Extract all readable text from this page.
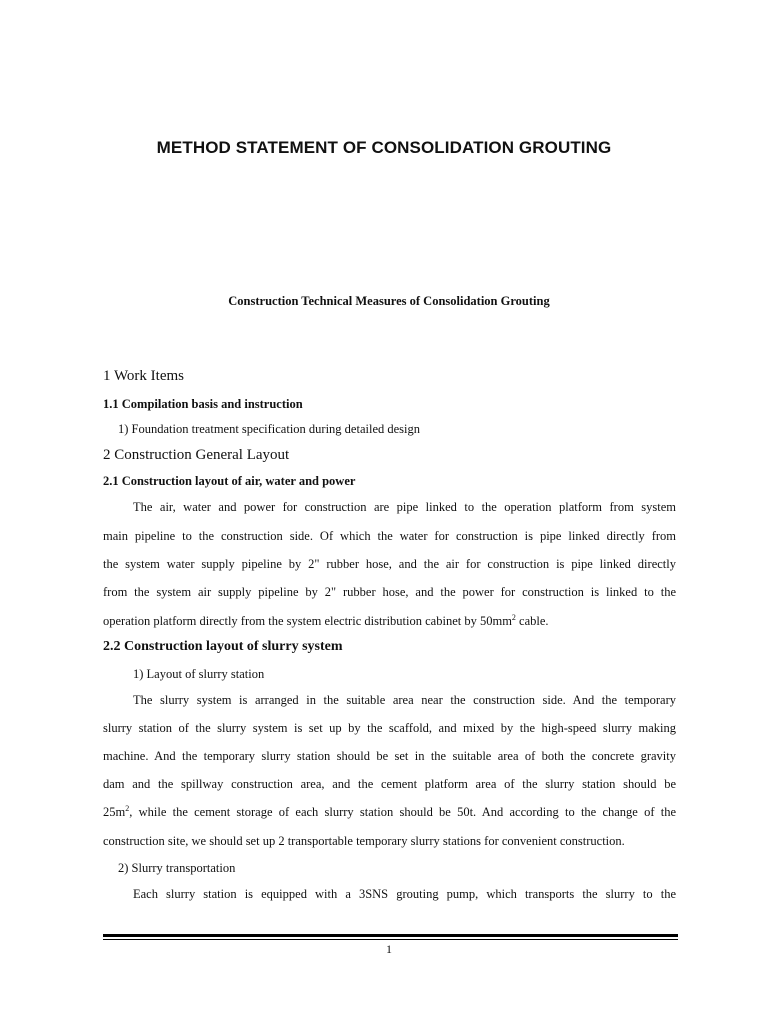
METHOD STATEMENT OF CONSOLIDATION GROUTING
Construction Technical Measures of Consolidation Grouting
1 Work Items
1.1 Compilation basis and instruction
1) Foundation treatment specification during detailed design
2 Construction General Layout
2.1 Construction layout of air, water and power
The air, water and power for construction are pipe linked to the operation platform from system
main pipeline to the construction side. Of which the water for construction is pipe linked directly from
the system water supply pipeline by 2" rubber hose, and the air for construction is pipe linked directly
from the system air supply pipeline by 2" rubber hose, and the power for construction is linked to the
operation platform directly from the system electric distribution cabinet by $50mm^2$ cable.
2.2 Construction layout of slurry system
1) Layout of slurry station
The slurry system is arranged in the suitable area near the construction side. And the temporary
slurry station of the slurry system is set up by the scaffold, and mixed by the high-speed slurry making
machine. And the temporary slurry station should be set in the suitable area of both the concrete gravity
dam and the spillway construction area, and the cement platform area of the slurry station should be
$25m^2$, while the cement storage of each slurry station should be 50t. And according to the change of the
construction site, we should set up 2 transportable temporary slurry stations for convenient construction.
2) Slurry transportation
Each slurry station is equipped with a 3SNS grouting pump, which transports the slurry to the
1
